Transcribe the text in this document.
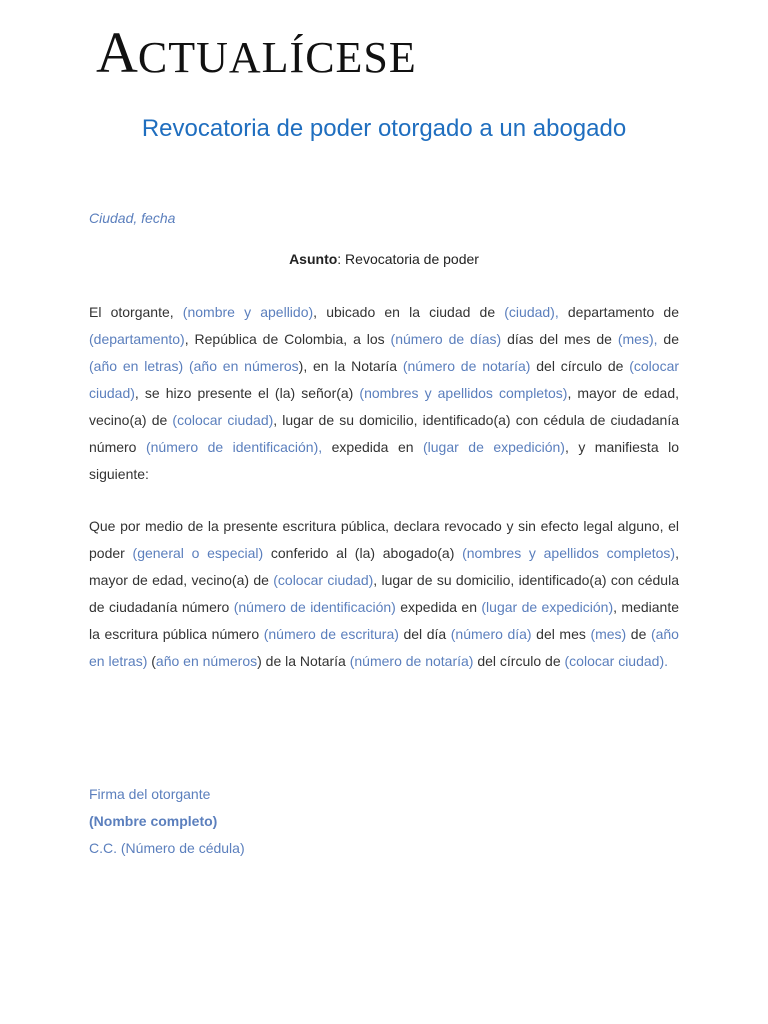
ACTUALÍCESE
Revocatoria de poder otorgado a un abogado
Ciudad, fecha
Asunto: Revocatoria de poder
El otorgante, (nombre y apellido), ubicado en la ciudad de (ciudad), departamento de (departamento), República de Colombia, a los (número de días) días del mes de (mes), de (año en letras) (año en números), en la Notaría (número de notaría) del círculo de (colocar ciudad), se hizo presente el (la) señor(a) (nombres y apellidos completos), mayor de edad, vecino(a) de (colocar ciudad), lugar de su domicilio, identificado(a) con cédula de ciudadanía número (número de identificación), expedida en (lugar de expedición), y manifiesta lo siguiente:
Que por medio de la presente escritura pública, declara revocado y sin efecto legal alguno, el poder (general o especial) conferido al (la) abogado(a) (nombres y apellidos completos), mayor de edad, vecino(a) de (colocar ciudad), lugar de su domicilio, identificado(a) con cédula de ciudadanía número (número de identificación) expedida en (lugar de expedición), mediante la escritura pública número (número de escritura) del día (número día) del mes (mes) de (año en letras) (año en números) de la Notaría (número de notaría) del círculo de (colocar ciudad).
Firma del otorgante
(Nombre completo)
C.C. (Número de cédula)
